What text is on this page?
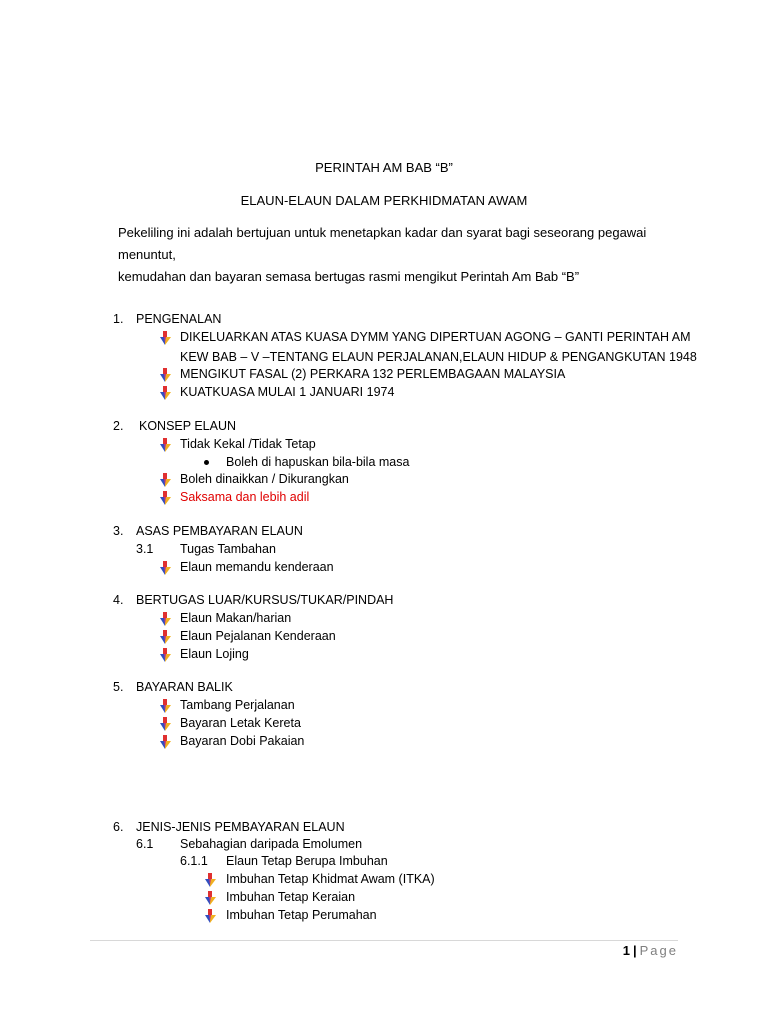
PERINTAH AM BAB “B”
ELAUN-ELAUN DALAM PERKHIDMATAN AWAM
Pekeliling ini adalah bertujuan untuk menetapkan kadar dan syarat bagi seseorang pegawai menuntut,
kemudahan dan bayaran semasa bertugas rasmi mengikut Perintah Am Bab “B”
1. PENGENALAN
DIKELUARKAN ATAS KUASA DYMM YANG DIPERTUAN AGONG – GANTI PERINTAH AM
KEW BAB – V –TENTANG ELAUN PERJALANAN,ELAUN HIDUP & PENGANGKUTAN 1948
MENGIKUT FASAL (2) PERKARA 132 PERLEMBAGAAN MALAYSIA
KUATKUASA MULAI 1 JANUARI 1974
2. KONSEP ELAUN
Tidak Kekal /Tidak Tetap
Boleh di hapuskan bila-bila masa
Boleh dinaikkan / Dikurangkan
Saksama dan lebih adil
3. ASAS PEMBAYARAN ELAUN
3.1 Tugas Tambahan
Elaun memandu kenderaan
4. BERTUGAS LUAR/KURSUS/TUKAR/PINDAH
Elaun Makan/harian
Elaun Pejalanan Kenderaan
Elaun Lojing
5. BAYARAN BALIK
Tambang Perjalanan
Bayaran Letak Kereta
Bayaran Dobi Pakaian
6. JENIS-JENIS PEMBAYARAN ELAUN
6.1 Sebahagian daripada Emolumen
6.1.1 Elaun Tetap Berupa Imbuhan
Imbuhan Tetap Khidmat Awam (ITKA)
Imbuhan Tetap Keraian
Imbuhan Tetap Perumahan
1 | Page
